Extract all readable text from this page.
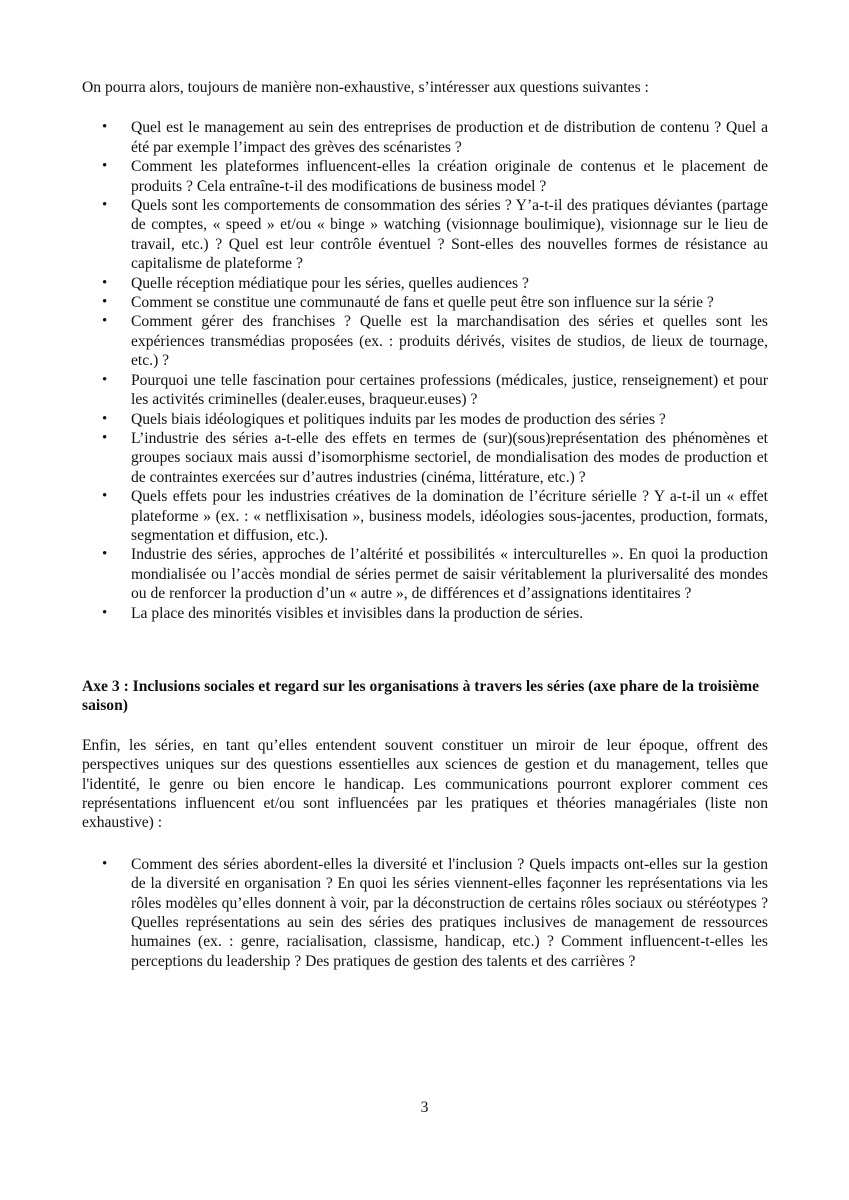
On pourra alors, toujours de manière non-exhaustive, s’intéresser aux questions suivantes :

• Quel est le management au sein des entreprises de production et de distribution de contenu ? Quel a été par exemple l’impact des grèves des scénaristes ?
• Comment les plateformes influencent-elles la création originale de contenus et le placement de produits ? Cela entraîne-t-il des modifications de business model ?
• Quels sont les comportements de consommation des séries ? Y’a-t-il des pratiques déviantes (partage de comptes, « speed » et/ou « binge » watching (visionnage boulimique), visionnage sur le lieu de travail, etc.) ? Quel est leur contrôle éventuel ? Sont-elles des nouvelles formes de résistance au capitalisme de plateforme ?
• Quelle réception médiatique pour les séries, quelles audiences ?
• Comment se constitue une communauté de fans et quelle peut être son influence sur la série ?
• Comment gérer des franchises ? Quelle est la marchandisation des séries et quelles sont les expériences transmédias proposées (ex. : produits dérivés, visites de studios, de lieux de tournage, etc.) ?
• Pourquoi une telle fascination pour certaines professions (médicales, justice, renseignement) et pour les activités criminelles (dealer.euses, braqueur.euses) ?
• Quels biais idéologiques et politiques induits par les modes de production des séries ?
• L’industrie des séries a-t-elle des effets en termes de (sur)(sous)représentation des phénomènes et groupes sociaux mais aussi d’isomorphisme sectoriel, de mondialisation des modes de production et de contraintes exercées sur d’autres industries (cinéma, littérature, etc.) ?
• Quels effets pour les industries créatives de la domination de l’écriture sérielle ? Y a-t-il un « effet plateforme » (ex. : « netflixisation », business models, idéologies sous-jacentes, production, formats, segmentation et diffusion, etc.).
• Industrie des séries, approches de l’altérité et possibilités « interculturelles ». En quoi la production mondialisée ou l’accès mondial de séries permet de saisir véritablement la pluriversalité des mondes ou de renforcer la production d’un « autre », de différences et d’assignations identitaires ?
• La place des minorités visibles et invisibles dans la production de séries.

Axe 3 : Inclusions sociales et regard sur les organisations à travers les séries (axe phare de la troisième saison)

Enfin, les séries, en tant qu’elles entendent souvent constituer un miroir de leur époque, offrent des perspectives uniques sur des questions essentielles aux sciences de gestion et du management, telles que l'identité, le genre ou bien encore le handicap. Les communications pourront explorer comment ces représentations influencent et/ou sont influencées par les pratiques et théories managériales (liste non exhaustive) :

• Comment des séries abordent-elles la diversité et l'inclusion ? Quels impacts ont-elles sur la gestion de la diversité en organisation ? En quoi les séries viennent-elles façonner les représentations via les rôles modèles qu’elles donnent à voir, par la déconstruction de certains rôles sociaux ou stéréotypes ? Quelles représentations au sein des séries des pratiques inclusives de management de ressources humaines (ex. : genre, racialisation, classisme, handicap, etc.) ? Comment influencent-t-elles les perceptions du leadership ? Des pratiques de gestion des talents et des carrières ?
3
